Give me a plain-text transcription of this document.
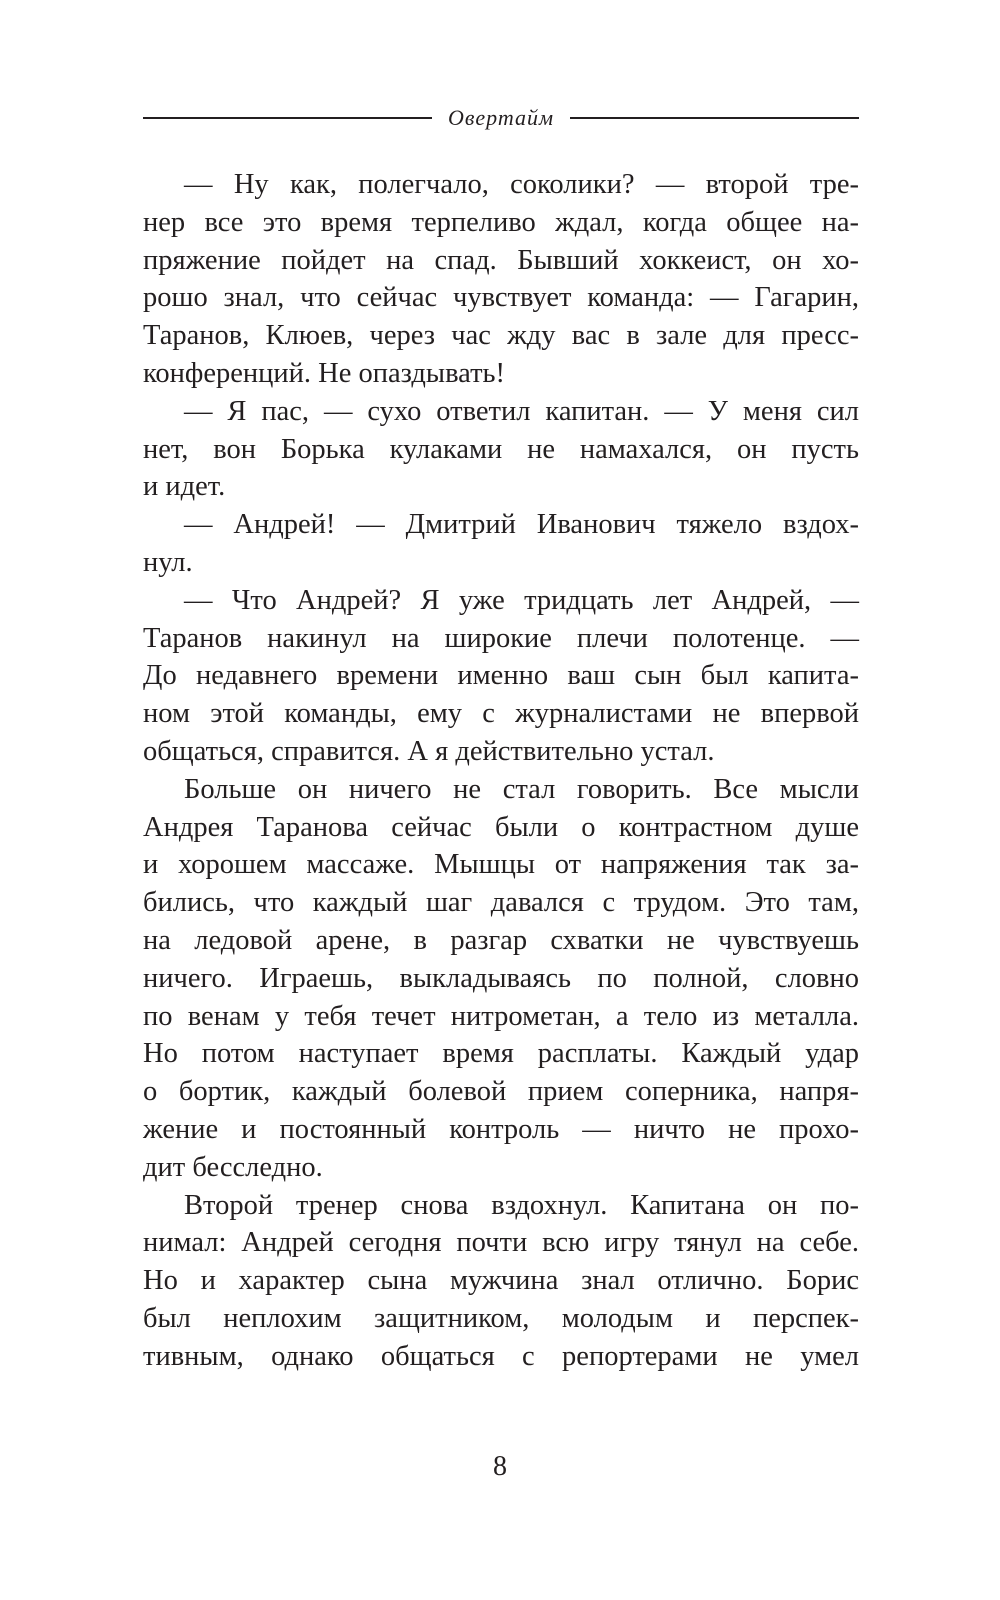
Овертайм
— Ну как, полегчало, соколики? — второй тре-
нер все это время терпеливо ждал, когда общее на-
пряжение пойдет на спад. Бывший хоккеист, он хо-
рошо знал, что сейчас чувствует команда: — Гагарин,
Таранов, Клюев, через час жду вас в зале для пресс-
конференций. Не опаздывать!
— Я пас, — сухо ответил капитан. — У меня сил
нет, вон Борька кулаками не намахался, он пусть
и идет.
— Андрей! — Дмитрий Иванович тяжело вздох-
нул.
— Что Андрей? Я уже тридцать лет Андрей, —
Таранов накинул на широкие плечи полотенце. —
До недавнего времени именно ваш сын был капита-
ном этой команды, ему с журналистами не впервой
общаться, справится. А я действительно устал.
Больше он ничего не стал говорить. Все мысли
Андрея Таранова сейчас были о контрастном душе
и хорошем массаже. Мышцы от напряжения так за-
бились, что каждый шаг давался с трудом. Это там,
на ледовой арене, в разгар схватки не чувствуешь
ничего. Играешь, выкладываясь по полной, словно
по венам у тебя течет нитрометан, а тело из металла.
Но потом наступает время расплаты. Каждый удар
о бортик, каждый болевой прием соперника, напря-
жение и постоянный контроль — ничто не прохо-
дит бесследно.
Второй тренер снова вздохнул. Капитана он по-
нимал: Андрей сегодня почти всю игру тянул на себе.
Но и характер сына мужчина знал отлично. Борис
был неплохим защитником, молодым и перспек-
тивным, однако общаться с репортерами не умел
8
